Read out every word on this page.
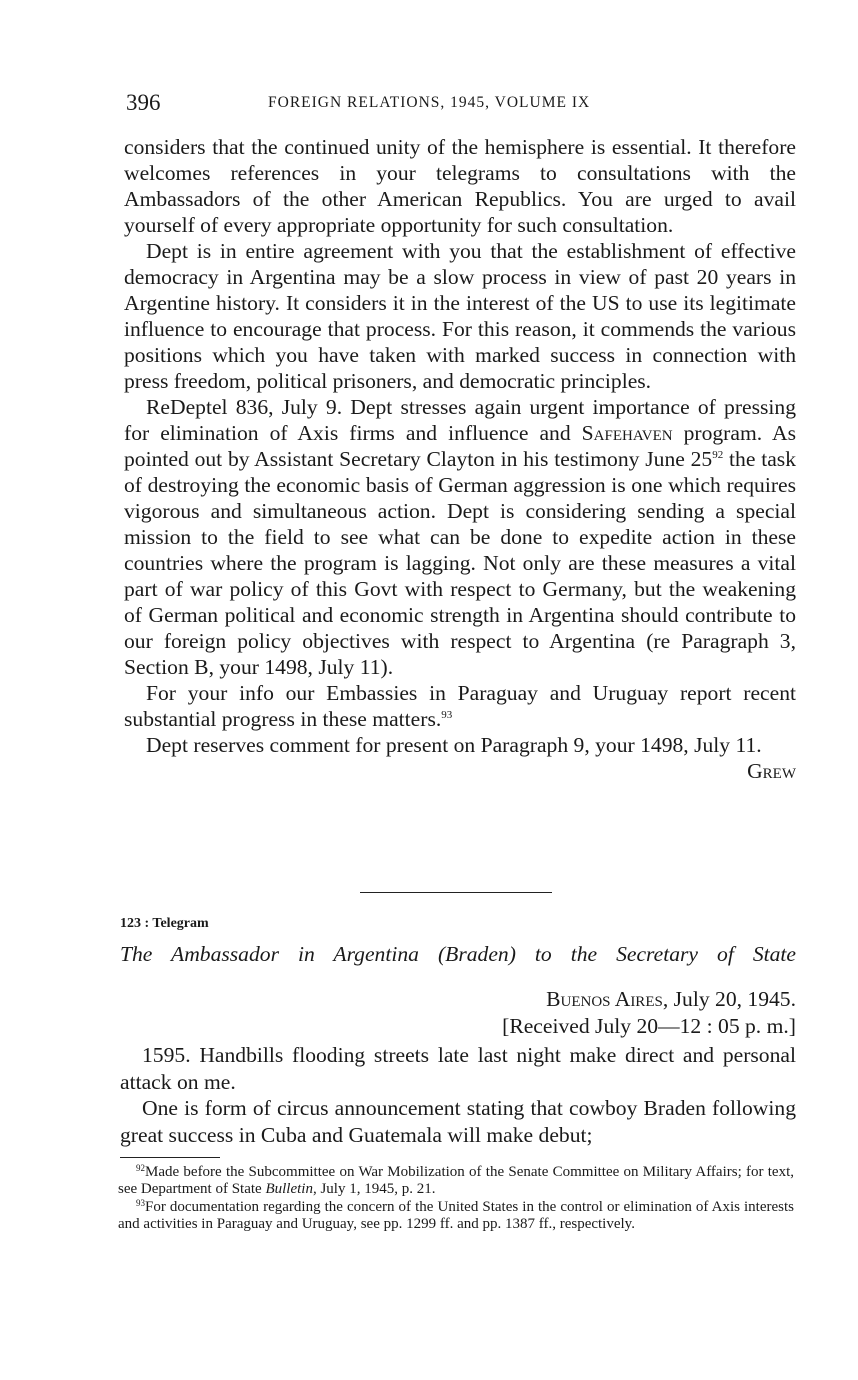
396	FOREIGN RELATIONS, 1945, VOLUME IX

considers that the continued unity of the hemisphere is essential. It therefore welcomes references in your telegrams to consultations with the Ambassadors of the other American Republics. You are urged to avail yourself of every appropriate opportunity for such consultation.

Dept is in entire agreement with you that the establishment of effective democracy in Argentina may be a slow process in view of past 20 years in Argentine history. It considers it in the interest of the US to use its legitimate influence to encourage that process. For this reason, it commends the various positions which you have taken with marked success in connection with press freedom, political prisoners, and democratic principles.

ReDeptel 836, July 9. Dept stresses again urgent importance of pressing for elimination of Axis firms and influence and Safehaven program. As pointed out by Assistant Secretary Clayton in his testimony June 25$^{92}$ the task of destroying the economic basis of German aggression is one which requires vigorous and simultaneous action. Dept is considering sending a special mission to the field to see what can be done to expedite action in these countries where the program is lagging. Not only are these measures a vital part of war policy of this Govt with respect to Germany, but the weakening of German political and economic strength in Argentina should contribute to our foreign policy objectives with respect to Argentina (re Paragraph 3, Section B, your 1498, July 11).

For your info our Embassies in Paraguay and Uruguay report recent substantial progress in these matters.$^{93}$

Dept reserves comment for present on Paragraph 9, your 1498, July 11.

Grew

123 : Telegram
The Ambassador in Argentina (Braden) to the Secretary of State
Buenos Aires, July 20, 1945.
[Received July 20—12 : 05 p. m.]

1595. Handbills flooding streets late last night make direct and personal attack on me.

One is form of circus announcement stating that cowboy Braden following great success in Cuba and Guatemala will make debut;

$^{92}$Made before the Subcommittee on War Mobilization of the Senate Committee on Military Affairs; for text, see Department of State Bulletin, July 1, 1945, p. 21.

$^{93}$For documentation regarding the concern of the United States in the control or elimination of Axis interests and activities in Paraguay and Uruguay, see pp. 1299 ff. and pp. 1387 ff., respectively.
